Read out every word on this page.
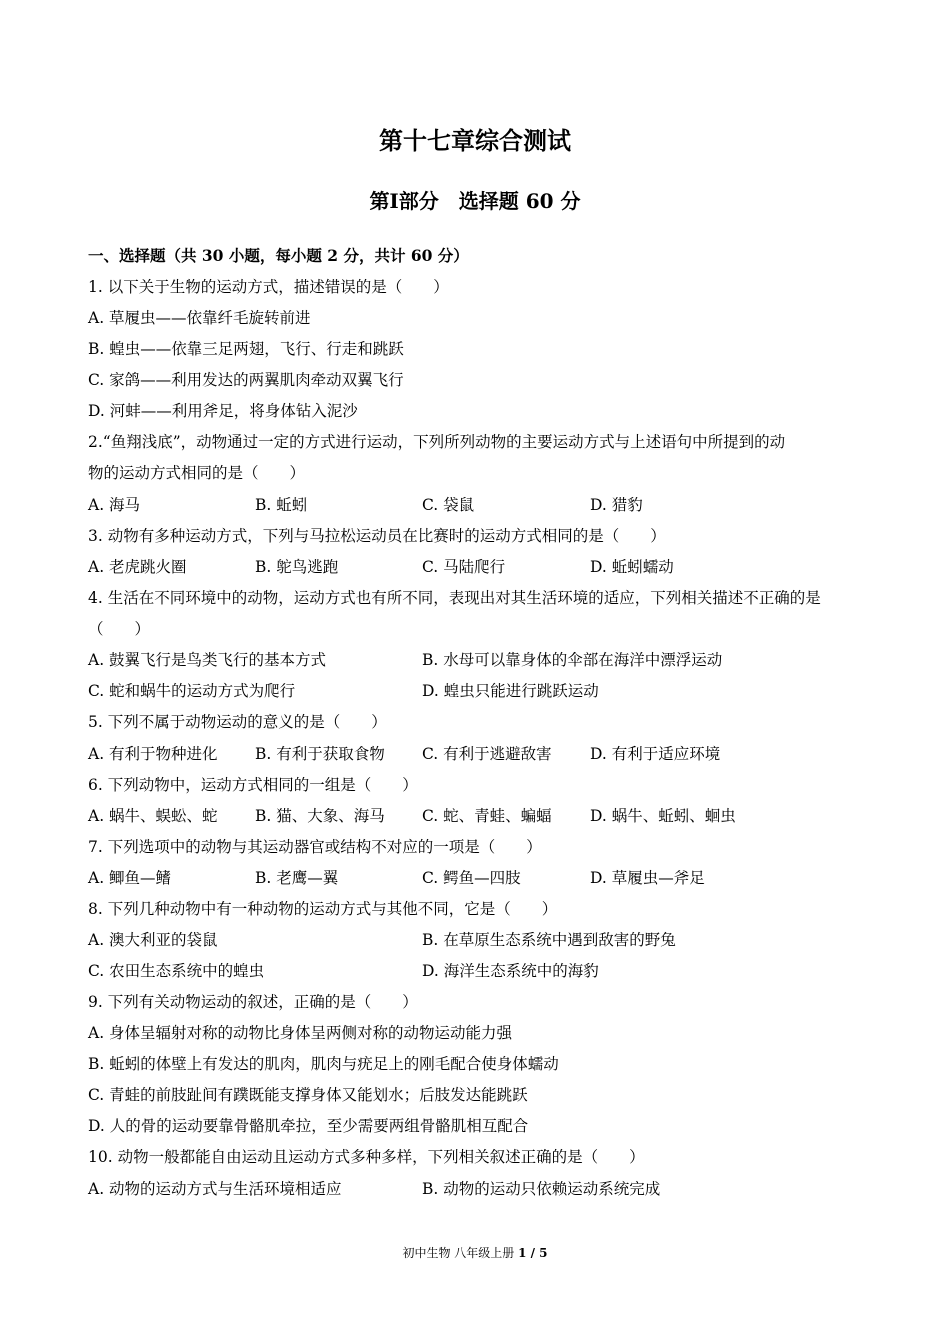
第十七章综合测试
第Ⅰ部分　选择题 60 分
一、选择题（共 30 小题，每小题 2 分，共计 60 分）
1. 以下关于生物的运动方式，描述错误的是（　　）
A. 草履虫——依靠纤毛旋转前进
B. 蝗虫——依靠三足两翅，飞行、行走和跳跃
C. 家鸽——利用发达的两翼肌肉牵动双翼飞行
D. 河蚌——利用斧足，将身体钻入泥沙
2.“鱼翔浅底”，动物通过一定的方式进行运动，下列所列动物的主要运动方式与上述语句中所提到的动
物的运动方式相同的是（　　）
A. 海马	B. 蚯蚓	C. 袋鼠	D. 猎豹
3. 动物有多种运动方式，下列与马拉松运动员在比赛时的运动方式相同的是（　　）
A. 老虎跳火圈	B. 鸵鸟逃跑	C. 马陆爬行	D. 蚯蚓蠕动
4. 生活在不同环境中的动物，运动方式也有所不同，表现出对其生活环境的适应，下列相关描述不正确的是
（　　）
A. 鼓翼飞行是鸟类飞行的基本方式	B. 水母可以靠身体的伞部在海洋中漂浮运动
C. 蛇和蜗牛的运动方式为爬行	D. 蝗虫只能进行跳跃运动
5. 下列不属于动物运动的意义的是（　　）
A. 有利于物种进化 B. 有利于获取食物 C. 有利于逃避敌害 D. 有利于适应环境
6. 下列动物中，运动方式相同的一组是（　　）
A. 蜗牛、蜈蚣、蛇 B. 猫、大象、海马 C. 蛇、青蛙、蝙蝠 D. 蜗牛、蚯蚓、蛔虫
7. 下列选项中的动物与其运动器官或结构不对应的一项是（　　）
A. 鲫鱼—鳍	B. 老鹰—翼	C. 鳄鱼—四肢	D. 草履虫—斧足
8. 下列几种动物中有一种动物的运动方式与其他不同，它是（　　）
A. 澳大利亚的袋鼠	B. 在草原生态系统中遇到敌害的野兔
C. 农田生态系统中的蝗虫	D. 海洋生态系统中的海豹
9. 下列有关动物运动的叙述，正确的是（　　）
A. 身体呈辐射对称的动物比身体呈两侧对称的动物运动能力强
B. 蚯蚓的体壁上有发达的肌肉，肌肉与疣足上的刚毛配合使身体蠕动
C. 青蛙的前肢趾间有蹼既能支撑身体又能划水；后肢发达能跳跃
D. 人的骨的运动要靠骨骼肌牵拉，至少需要两组骨骼肌相互配合
10. 动物一般都能自由运动且运动方式多种多样，下列相关叙述正确的是（　　）
A. 动物的运动方式与生活环境相适应	B. 动物的运动只依赖运动系统完成
初中生物 八年级上册 1 / 5
